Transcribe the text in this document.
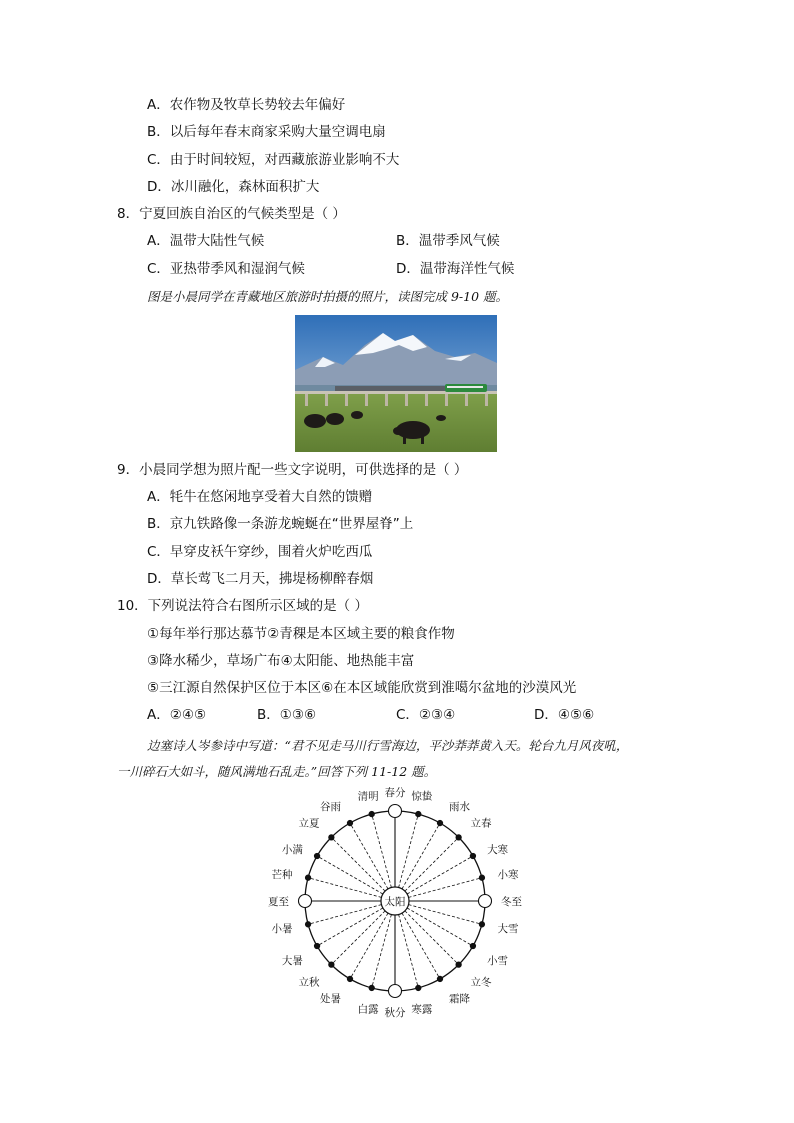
A．农作物及牧草长势较去年偏好
B．以后每年春末商家采购大量空调电扇
C．由于时间较短，对西藏旅游业影响不大
D．冰川融化，森林面积扩大
8．宁夏回族自治区的气候类型是（ ）
A．温带大陆性气候	B．温带季风气候
C．亚热带季风和湿润气候	D．温带海洋性气候
图是小晨同学在青藏地区旅游时拍摄的照片，读图完成 9-10 题。
9．小晨同学想为照片配一些文字说明，可供选择的是（ ）
A．牦牛在悠闲地享受着大自然的馈赠
B．京九铁路像一条游龙蜿蜒在“世界屋脊”上
C．早穿皮袄午穿纱，围着火炉吃西瓜
D．草长莺飞二月天，拂堤杨柳醉春烟
10．下列说法符合右图所示区域的是（ ）
①每年举行那达慕节②青稞是本区域主要的粮食作物
③降水稀少，草场广布④太阳能、地热能丰富
⑤三江源自然保护区位于本区⑥在本区域能欣赏到淮噶尔盆地的沙漠风光
A．②④⑤	B．①③⑥	C．②③④	D．④⑤⑥
边塞诗人岑参诗中写道：“君不见走马川行雪海边，平沙莽莽黄入天。轮台九月风夜吼，
一川碎石大如斗，随风满地石乱走。”回答下列 11-12 题。
春分
清明
谷雨
立夏
小满
芒种
夏至
小暑
大暑
立秋
处暑
白露 秋分 寒露
霜降
立冬
小雪
大雪
冬至
小寒
大寒
立春
雨水
惊蛰
太阳
